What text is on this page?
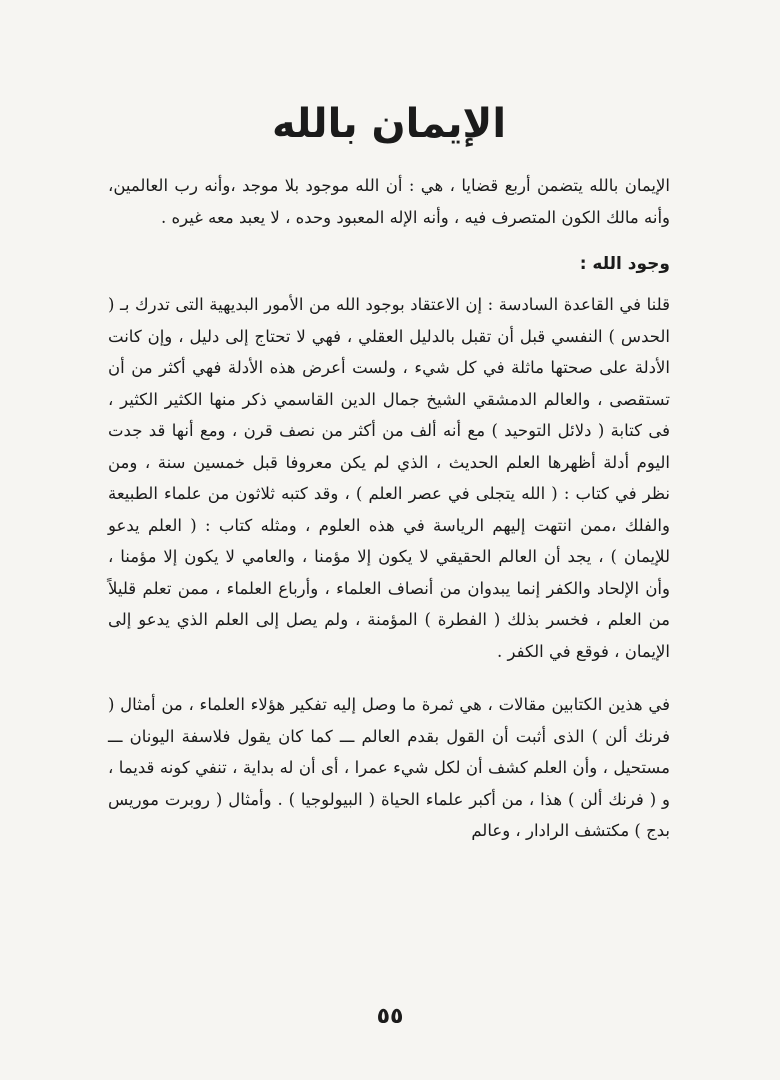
الإيمان بالله

الإيمان بالله يتضمن أربع قضايا ، هي : أن الله موجود بلا موجد ،وأنه رب العالمين، وأنه مالك الكون المتصرف فيه ، وأنه الإله المعبود وحده ، لا يعبد معه غيره .

وجود الله :

قلنا في القاعدة السادسة : إن الاعتقاد بوجود الله من الأمور البديهية التى تدرك بـ ( الحدس ) النفسي قبل أن تقبل بالدليل العقلي ، فهي لا تحتاج إلى دليل ، وإن كانت الأدلة على صحتها ماثلة في كل شيء ، ولست أعرض هذه الأدلة فهي أكثر من أن تستقصى ، والعالم الدمشقي الشيخ جمال الدين القاسمي ذكر منها الكثير الكثير ، فى كتابة ( دلائل التوحيد ) مع أنه ألف من أكثر من نصف قرن ، ومع أنها قد جدت اليوم أدلة أظهرها العلم الحديث ، الذي لم يكن معروفا قبل خمسين سنة ، ومن نظر في كتاب : ( الله يتجلى في عصر العلم ) ، وقد كتبه ثلاثون من علماء الطبيعة والفلك ،ممن انتهت إليهم الرياسة في هذه العلوم ، ومثله كتاب : ( العلم يدعو للإيمان ) ، يجد أن العالم الحقيقي لا يكون إلا مؤمنا ، والعامي لا يكون إلا مؤمنا ، وأن الإلحاد والكفر إنما يبدوان من أنصاف العلماء ، وأرباع العلماء ، ممن تعلم قليلاً من العلم ، فخسر بذلك ( الفطرة ) المؤمنة ، ولم يصل إلى العلم الذي يدعو إلى الإيمان ، فوقع في الكفر .

في هذين الكتابين مقالات ، هي ثمرة ما وصل إليه تفكير هؤلاء العلماء ، من أمثال ( فرنك ألن ) الذى أثبت أن القول بقدم العالم ـــ كما كان يقول فلاسفة اليونان ـــ مستحيل ، وأن العلم كشف أن لكل شيء عمرا ، أى أن له بداية ، تنفي كونه قديما ، و ( فرنك ألن ) هذا ، من أكبر علماء الحياة ( البيولوجيا ) . وأمثال ( روبرت موريس بدج ) مكتشف الرادار ، وعالم

٥٥
